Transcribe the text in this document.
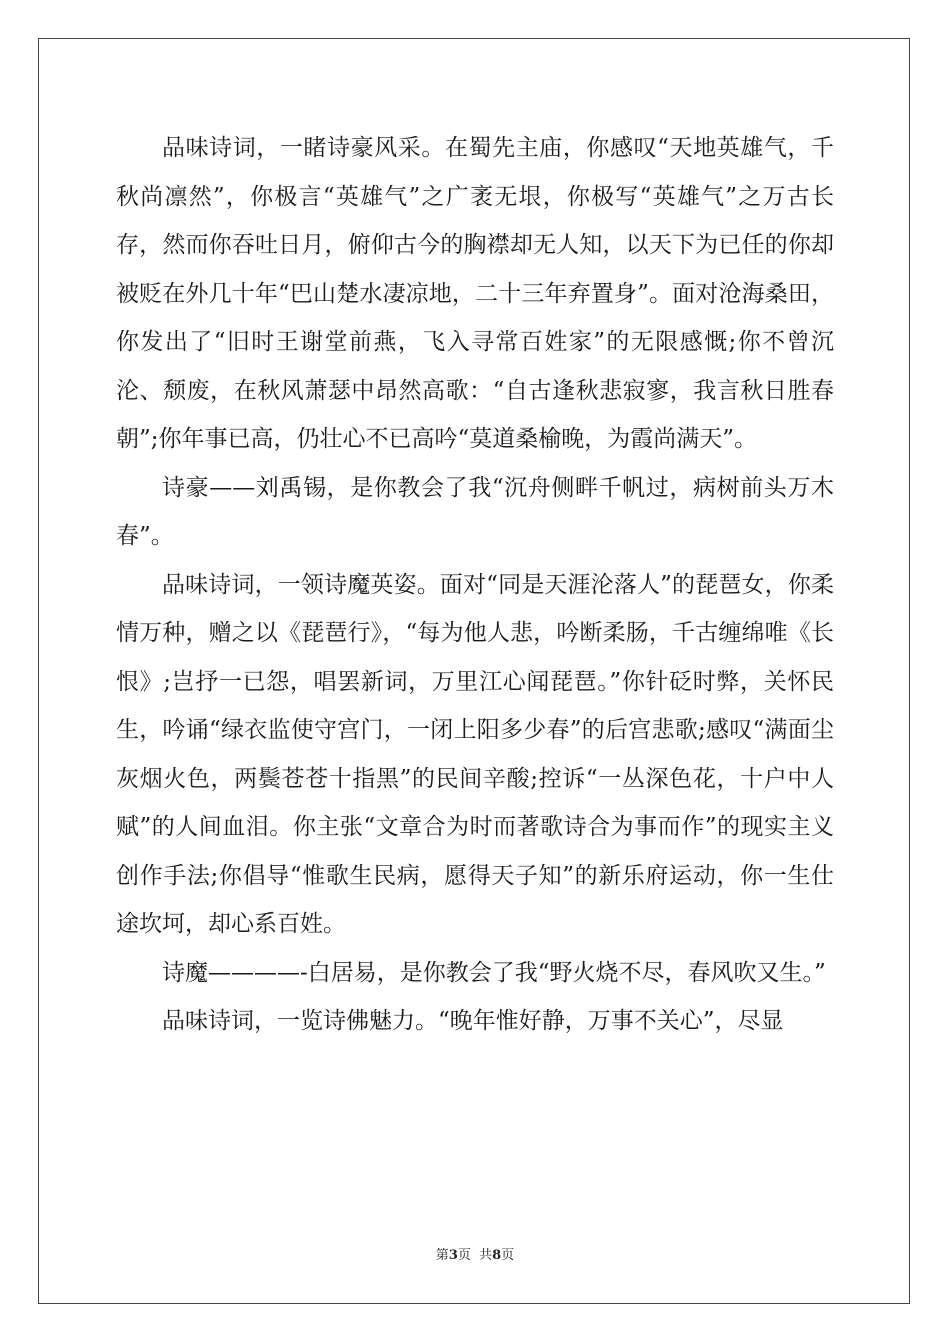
品味诗词，一睹诗豪风采。在蜀先主庙，你感叹“天地英雄气，千秋尚凛然”，你极言“英雄气”之广袤无垠，你极写“英雄气”之万古长存，然而你吞吐日月，俯仰古今的胸襟却无人知，以天下为已任的你却被贬在外几十年“巴山楚水凄凉地，二十三年弃置身”。面对沧海桑田，你发出了“旧时王谢堂前燕，飞入寻常百姓家”的无限感慨;你不曾沉沦、颓废，在秋风萧瑟中昂然高歌：“自古逢秋悲寂寥，我言秋日胜春朝”;你年事已高，仍壮心不已高吟“莫道桑榆晚，为霞尚满天”。

诗豪——刘禹锡，是你教会了我“沉舟侧畔千帆过，病树前头万木春”。

品味诗词，一领诗魔英姿。面对“同是天涯沦落人”的琵琶女，你柔情万种，赠之以《琵琶行》，“每为他人悲，吟断柔肠，千古缠绵唯《长恨》;岂抒一已怨，唱罢新词，万里江心闻琵琶。”你针砭时弊，关怀民生，吟诵“绿衣监使守宫门，一闭上阳多少春”的后宫悲歌;感叹“满面尘灰烟火色，两鬓苍苍十指黑”的民间辛酸;控诉“一丛深色花，十户中人赋”的人间血泪。你主张“文章合为时而著歌诗合为事而作”的现实主义创作手法;你倡导“惟歌生民病，愿得天子知”的新乐府运动，你一生仕途坎坷，却心系百姓。

诗魔————-白居易，是你教会了我“野火烧不尽，春风吹又生。”

品味诗词，一览诗佛魅力。“晚年惟好静，万事不关心”，尽显

第3页  共8页
